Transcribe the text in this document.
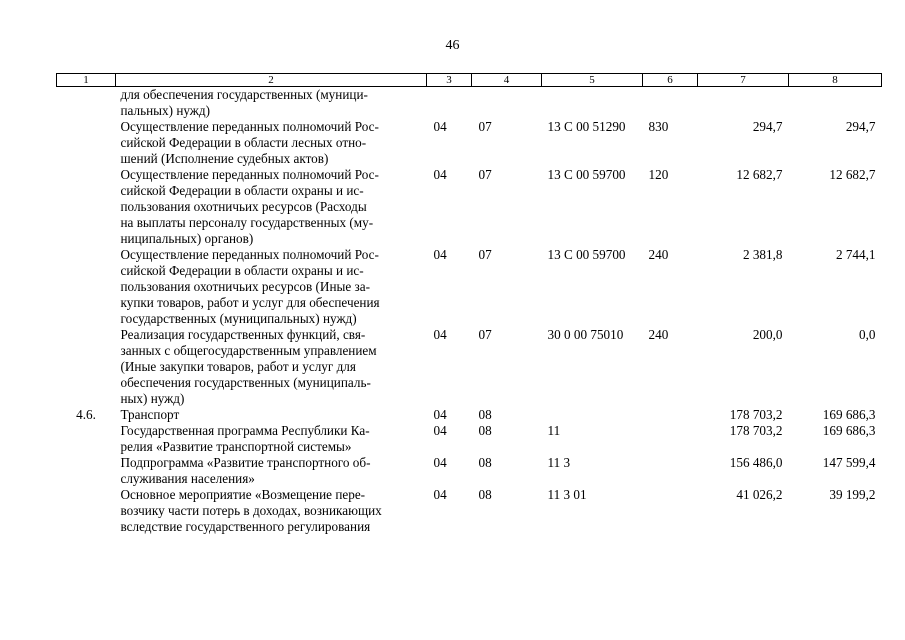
46
1	2	3	4	5	6	7	8

	для обеспечения государственных (муници-
пальных) нужд)						

	Осуществление переданных полномочий Рос-
сийской Федерации в области лесных отно-
шений (Исполнение судебных актов)	04	07	13 С 00 51290	830	294,7	294,7

	Осуществление переданных полномочий Рос-
сийской Федерации в области охраны и ис-
пользования охотничьих ресурсов (Расходы
на выплаты персоналу государственных (му-
ниципальных) органов)	04	07	13 С 00 59700	120	12 682,7	12 682,7

	Осуществление переданных полномочий Рос-
сийской Федерации в области охраны и ис-
пользования охотничьих ресурсов (Иные за-
купки товаров, работ и услуг для обеспечения
государственных (муниципальных) нужд)	04	07	13 С 00 59700	240	2 381,8	2 744,1

	Реализация государственных функций, свя-
занных с общегосударственным управлением
(Иные закупки товаров, работ и услуг для
обеспечения государственных (муниципаль-
ных) нужд)	04	07	30 0 00 75010	240	200,0	0,0
4.6.	Транспорт	04	08			178 703,2	169 686,3

	Государственная программа Республики Ка-
релия «Развитие транспортной системы»	04	08	11		178 703,2	169 686,3

	Подпрограмма «Развитие транспортного об-
служивания населения»	04	08	11 3		156 486,0	147 599,4

	Основное мероприятие «Возмещение пере-
возчику части потерь в доходах, возникающих
вследствие государственного регулирования	04	08	11 3 01		41 026,2	39 199,2
